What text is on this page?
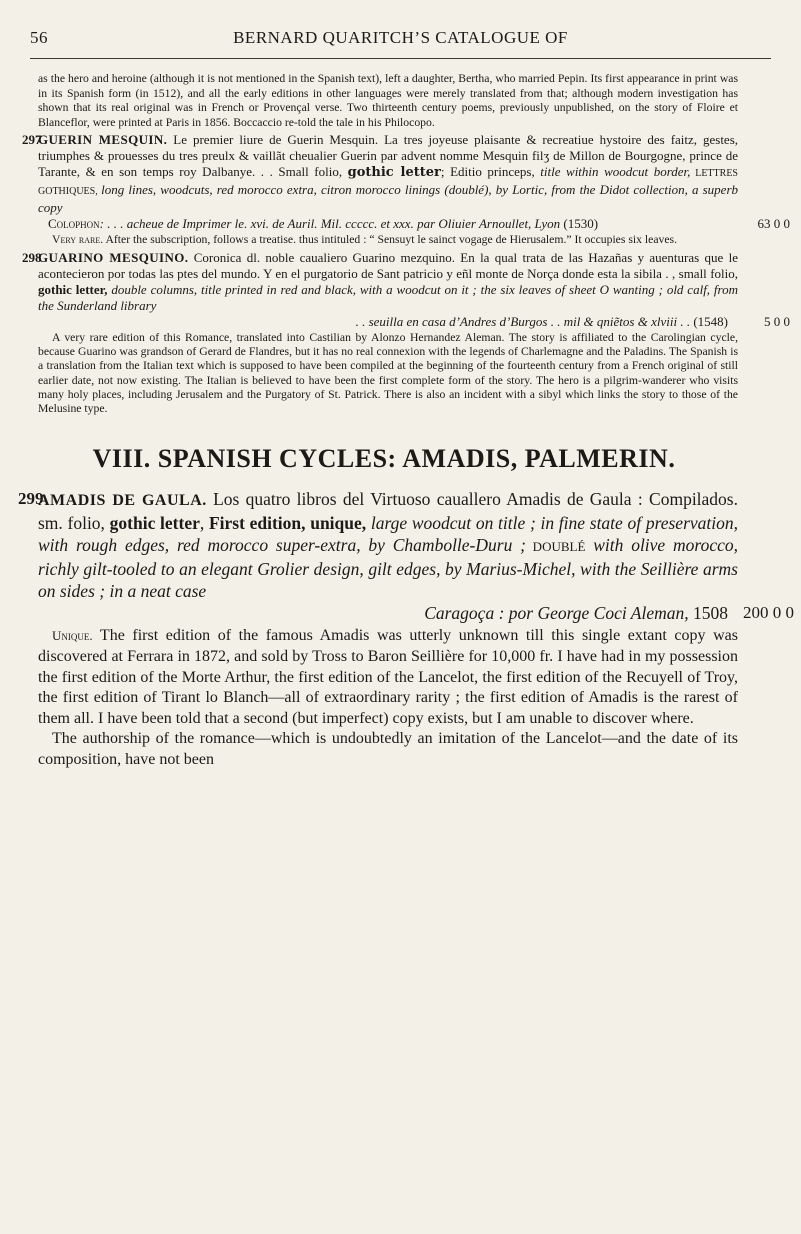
56	BERNARD QUARITCH’S CATALOGUE OF

as the hero and heroine (although it is not mentioned in the Spanish text), left a daughter, Bertha, who married Pepin. Its first appearance in print was in its Spanish form (in 1512), and all the early editions in other languages were merely translated from that; although modern investigation has shown that its real original was in French or Provençal verse. Two thirteenth century poems, previously unpublished, on the story of Floire et Blanceflor, were printed at Paris in 1856. Boccaccio re-told the tale in his Philocopo.

297
GUERIN MESQUIN. Le premier liure de Guerin Mesquin. La tres joyeuse plaisante & recreatiue hystoire des faitz, gestes, triumphes & prouesses du tres preulx & vaillãt cheualier Guerin par advent nomme Mesquin filʒ de Millon de Bourgogne, prince de Tarante, & en son temps roy Dalbanye. . . Small folio, gothic letter; Editio princeps, title within woodcut border, LETTRES GOTHIQUES, long lines, woodcuts, red morocco extra, citron morocco linings (doublé), by Lortic, from the Didot collection, a superb copy
Colophon: . . . acheue de Imprimer le. xvi. de Auril. Mil. ccccc. et xxx. par Oliuier Arnoullet, Lyon (1530)	63 0 0
Very rare. After the subscription, follows a treatise. thus intituled : “ Sensuyt le sainct vogage de Hierusalem.” It occupies six leaves.
298
GUARINO MESQUINO. Coronica dl. noble caualiero Guarino mezquino. En la qual trata de las Hazañas y auenturas que le acontecieron por todas las ptes del mundo. Y en el purgatorio de Sant patricio y eñl monte de Norça donde esta la sibila . , small folio, gothic letter, double columns, title printed in red and black, with a woodcut on it ; the six leaves of sheet O wanting ; old calf, from the Sunderland library
. . seuilla en casa d’Andres d’Burgos . . mil & qniẽtos & xlviii . . (1548)	5 0 0
A very rare edition of this Romance, translated into Castilian by Alonzo Hernandez Aleman. The story is affiliated to the Carolingian cycle, because Guarino was grandson of Gerard de Flandres, but it has no real connexion with the legends of Charlemagne and the Paladins. The Spanish is a translation from the Italian text which is supposed to have been compiled at the beginning of the fourteenth century from a French original of still earlier date, not now existing. The Italian is believed to have been the first complete form of the story. The hero is a pilgrim-wanderer who visits many holy places, including Jerusalem and the Purgatory of St. Patrick. There is also an incident with a sibyl which links the story to those of the Melusine type.
VIII. SPANISH CYCLES: AMADIS, PALMERIN.
299
AMADIS DE GAULA. Los quatro libros del Virtuoso cauallero Amadis de Gaula : Compilados. sm. folio, gothic letter, First edition, unique, large woodcut on title ; in fine state of preservation, with rough edges, red morocco super-extra, by Chambolle-Duru ; DOUBLÉ with olive morocco, richly gilt-tooled to an elegant Grolier design, gilt edges, by Marius-Michel, with the Seillière arms on sides ; in a neat case
Caragoça : por George Coci Aleman, 1508 200 0 0

Unique. The first edition of the famous Amadis was utterly unknown till this single extant copy was discovered at Ferrara in 1872, and sold by Tross to Baron Seillière for 10,000 fr. I have had in my possession the first edition of the Morte Arthur, the first edition of the Lancelot, the first edition of the Recuyell of Troy, the first edition of Tirant lo Blanch—all of extraordinary rarity ; the first edition of Amadis is the rarest of them all. I have been told that a second (but imperfect) copy exists, but I am unable to discover where.

The authorship of the romance—which is undoubtedly an imitation of the Lancelot—and the date of its composition, have not been
